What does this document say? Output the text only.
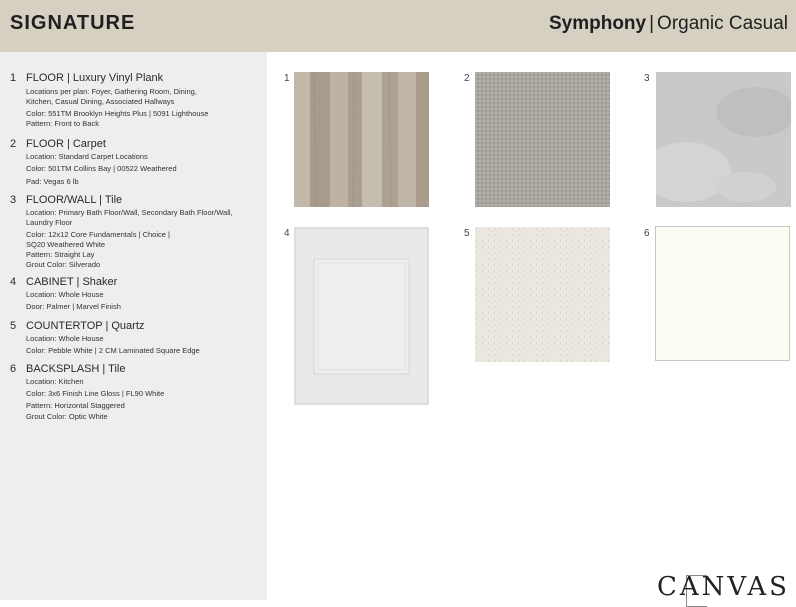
SIGNATURE	Symphony | Organic Casual
1 FLOOR | Luxury Vinyl Plank
Locations per plan: Foyer, Gathering Room, Dining,
Kitchen, Casual Dining, Associated Hallways
Color: 551TM Brooklyn Heights Plus | 5091 Lighthouse
Pattern: Front to Back
2 FLOOR | Carpet
Location: Standard Carpet Locations
Color: 501TM Collins Bay | 00522 Weathered
Pad: Vegas 6 lb
3 FLOOR/WALL | Tile
Location: Primary Bath Floor/Wall, Secondary Bath Floor/Wall,
Laundry Floor
Color: 12x12 Core Fundamentals | Choice |
SQ20 Weathered White
Pattern: Straight Lay
Grout Color: Silverado
4 CABINET | Shaker
Location: Whole House
Door: Palmer | Marvel Finish
5 COUNTERTOP | Quartz
Location: Whole House
Color: Pebble White | 2 CM Laminated Square Edge
6 BACKSPLASH | Tile
Location: Kitchen
Color: 3x6 Finish Line Gloss | FL90 White
Pattern: Horizontal Staggered
Grout Color: Optic White
1	2	3
4	5	6
CANVAS
